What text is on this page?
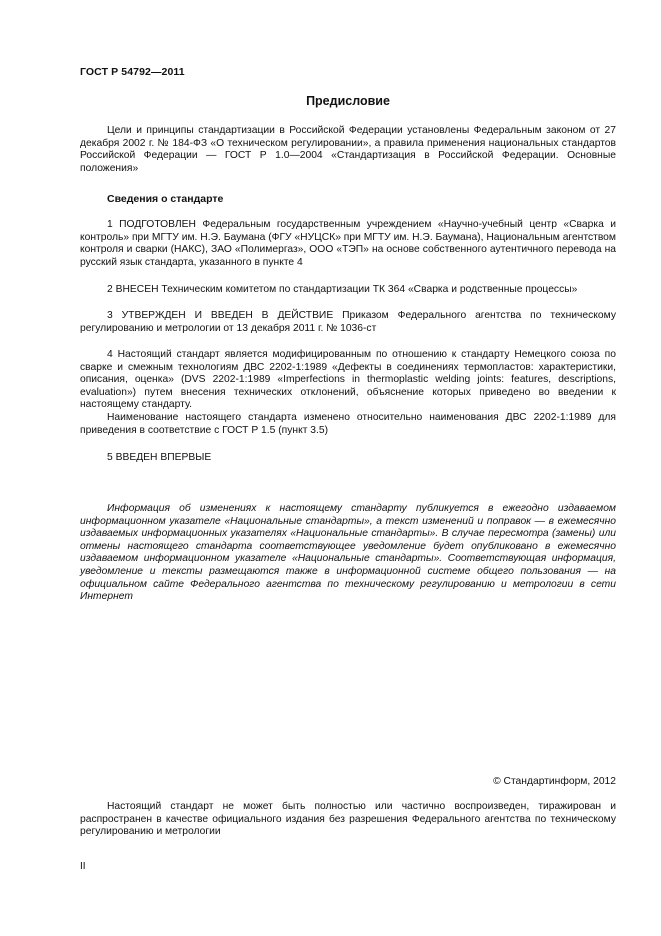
ГОСТ Р 54792—2011
Предисловие

Цели и принципы стандартизации в Российской Федерации установлены Федеральным законом от 27 декабря 2002 г. № 184-ФЗ «О техническом регулировании», а правила применения национальных стандартов Российской Федерации — ГОСТ Р 1.0—2004 «Стандартизация в Российской Федерации. Основные положения»

Сведения о стандарте

1 ПОДГОТОВЛЕН Федеральным государственным учреждением «Научно-учебный центр «Сварка и контроль» при МГТУ им. Н.Э. Баумана (ФГУ «НУЦСК» при МГТУ им. Н.Э. Баумана), Национальным агентством контроля и сварки (НАКС), ЗАО «Полимергаз», ООО «ТЭП» на основе собственного аутентичного перевода на русский язык стандарта, указанного в пункте 4

2 ВНЕСЕН Техническим комитетом по стандартизации ТК 364 «Сварка и родственные процессы»

3 УТВЕРЖДЕН И ВВЕДЕН В ДЕЙСТВИЕ Приказом Федерального агентства по техническому регулированию и метрологии от 13 декабря 2011 г. № 1036-ст

4 Настоящий стандарт является модифицированным по отношению к стандарту Немецкого союза по сварке и смежным технологиям ДВС 2202-1:1989 «Дефекты в соединениях термопластов: характеристики, описания, оценка» (DVS 2202-1:1989 «Imperfections in thermoplastic welding joints: features, descriptions, evaluation») путем внесения технических отклонений, объяснение которых приведено во введении к настоящему стандарту.

Наименование настоящего стандарта изменено относительно наименования ДВС 2202-1:1989 для приведения в соответствие с ГОСТ Р 1.5 (пункт 3.5)

5 ВВЕДЕН ВПЕРВЫЕ

Информация об изменениях к настоящему стандарту публикуется в ежегодно издаваемом информационном указателе «Национальные стандарты», а текст изменений и поправок — в ежемесячно издаваемых информационных указателях «Национальные стандарты». В случае пересмотра (замены) или отмены настоящего стандарта соответствующее уведомление будет опубликовано в ежемесячно издаваемом информационном указателе «Национальные стандарты». Соответствующая информация, уведомление и тексты размещаются также в информационной системе общего пользования — на официальном сайте Федерального агентства по техническому регулированию и метрологии в сети Интернет

© Стандартинформ, 2012

Настоящий стандарт не может быть полностью или частично воспроизведен, тиражирован и распространен в качестве официального издания без разрешения Федерального агентства по техническому регулированию и метрологии

II
